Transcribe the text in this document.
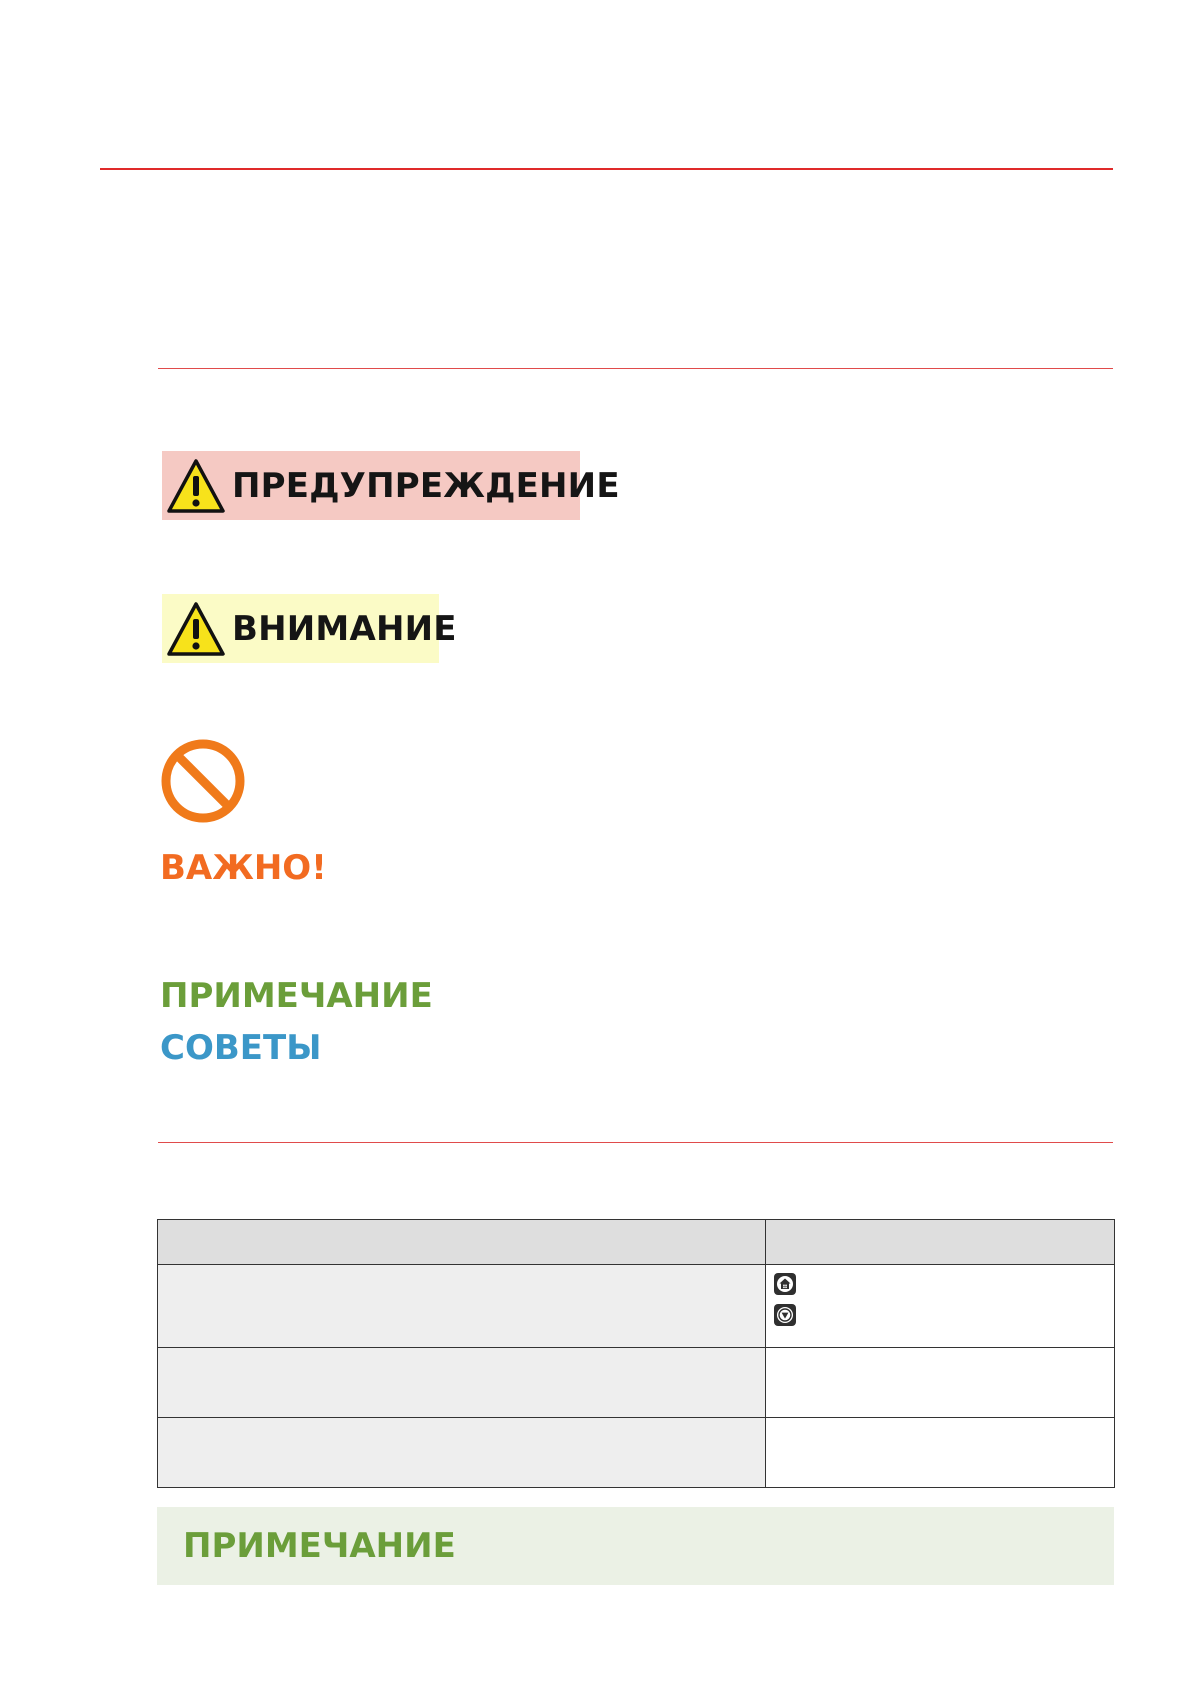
ПРЕДУПРЕЖДЕНИЕ
ВНИМАНИЕ
ВАЖНО!
ПРИМЕЧАНИЕ
СОВЕТЫ

ПРИМЕЧАНИЕ
